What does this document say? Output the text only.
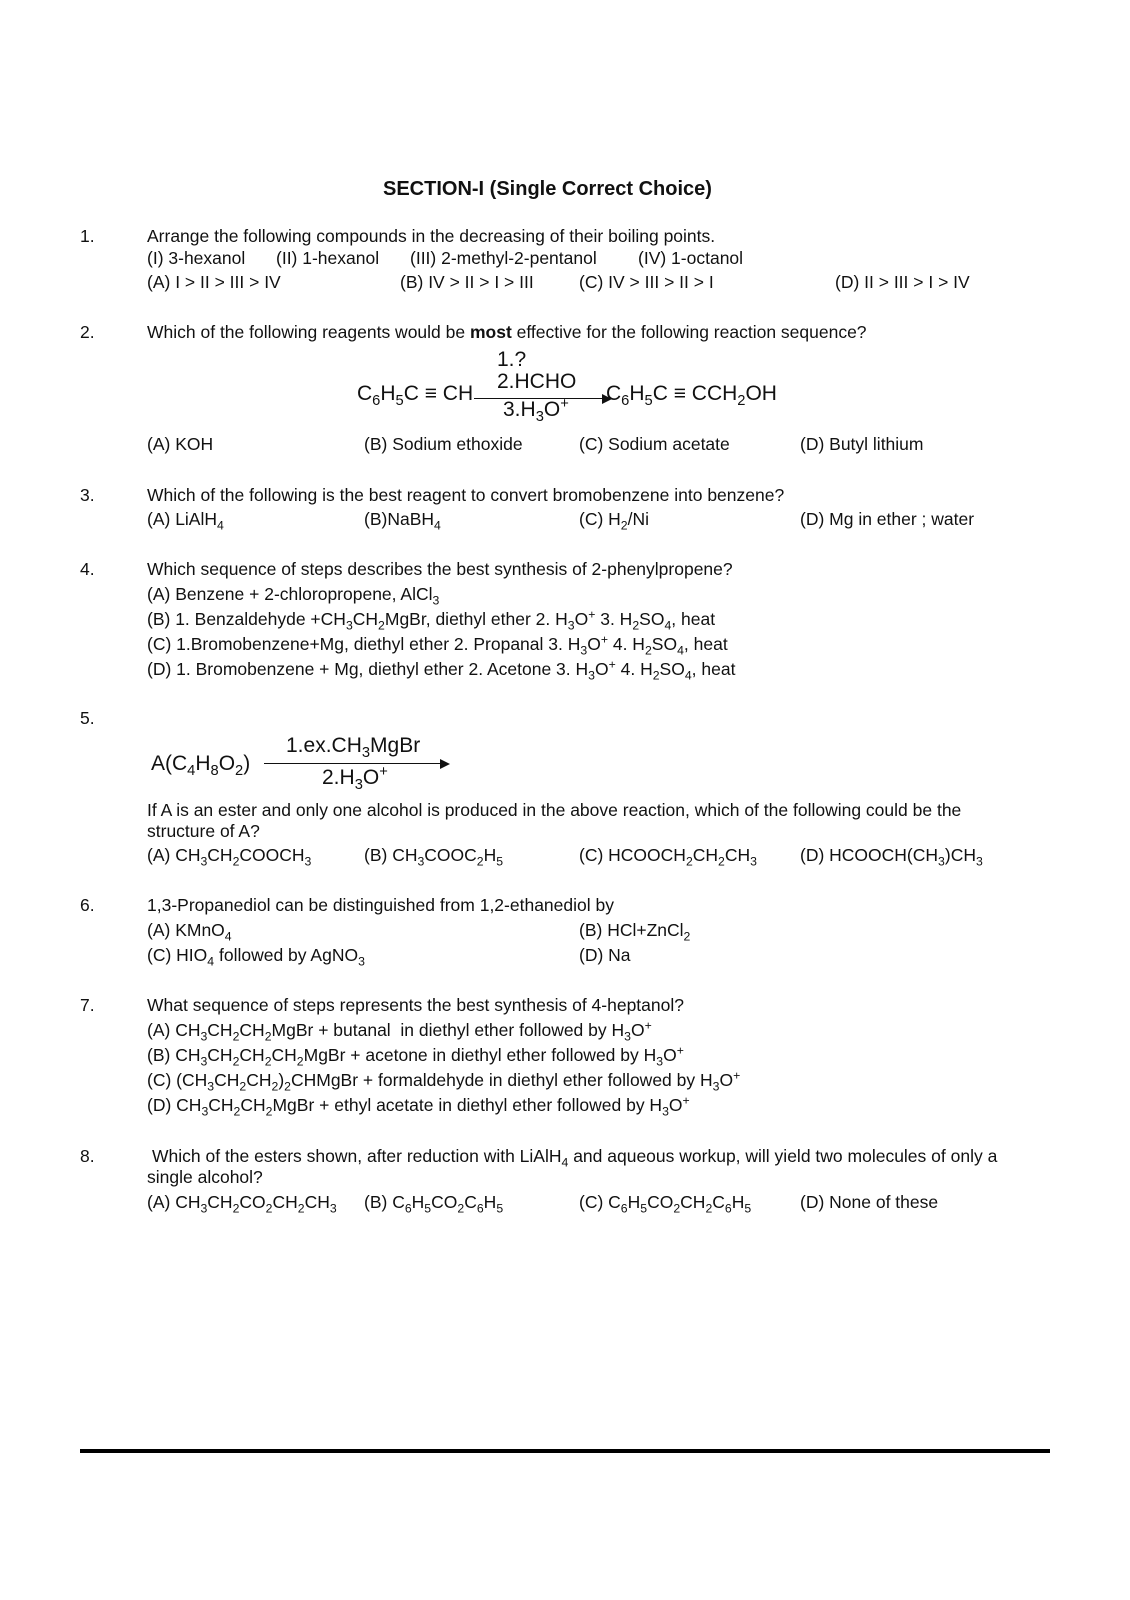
SECTION-I (Single Correct Choice)
1.	Arrange the following compounds in the decreasing of their boiling points.
(I) 3-hexanol (II) 1-hexanol (III) 2-methyl-2-pentanol (IV) 1-octanol
(A) I > II > III > IV	(B) IV > II > I > III	(C) IV > III > II > I	(D) II > III > I > IV
2.	Which of the following reagents would be most effective for the following reaction sequence?
1.?
2.HCHO
$C_6H_5C$ ≡ CH
$3.H_3O^+$ $C_6H_5C \equiv CCH_2OH$
(A) KOH	(B) Sodium ethoxide	(C) Sodium acetate	(D) Butyl lithium
3.	Which of the following is the best reagent to convert bromobenzene into benzene?
(A) LiAlH$_4$	(B)NaBH$_4$	(C) $H_2/Ni$	(D) Mg in ether ; water
4.	Which sequence of steps describes the best synthesis of 2-phenylpropene?
(A) Benzene + 2-chloropropene, AlCl$_3$
(B) 1. Benzaldehyde $+CH_3CH_2MgBr$, diethyl ether 2. $H_3O^+$ 3. $H_2SO_4$, heat
(C) 1.Bromobenzene+Mg, diethyl ether 2. Propanal 3. $H_3O^+$ 4. $H_2SO_4$, heat
(D) 1. Bromobenzene + Mg, diethyl ether 2. Acetone 3. $H_3O^+$ 4. $H_2SO_4$, heat
5.
$A(C_4H_8O_2)$
$1.ex.CH_3MgBr$
$2.H_3O^+$
If A is an ester and only one alcohol is produced in the above reaction, which of the following could be the
structure of A?
(A) $CH_3CH_2COOCH_3$	(B) $CH_3COOC_2H_5$	(C) $HCOOCH_2CH_2CH_3$ (D) $HCOOCH(CH_3)CH_3$
6.	1,3-Propanediol can be distinguished from 1,2-ethanediol by
(A) KMnO$_4$	(B) HCl+ZnCl$_2$
(C) $HIO_4$ followed by AgNO$_3$	(D) Na
7.	What sequence of steps represents the best synthesis of 4-heptanol?
(A) $CH_3CH_2CH_2MgBr$ + butanal  in diethyl ether followed by $H_3O^+$
(B) $CH_3CH_2CH_2CH_2MgBr$ + acetone in diethyl ether followed by $H_3O^+$
(C) $(CH_3CH_2CH_2)_2CHMgBr$ + formaldehyde in diethyl ether followed by $H_3O^+$
(D) $CH_3CH_2CH_2MgBr$ + ethyl acetate in diethyl ether followed by $H_3O^+$
8.	Which of the esters shown, after reduction with LiAlH$_4$ and aqueous workup, will yield two molecules of only a
single alcohol?
(A) $CH_3CH_2CO_2CH_2CH_3$ (B) $C_6H_5CO_2C_6H_5$	(C) $C_6H_5CO_2CH_2C_6H_5$	(D) None of these
